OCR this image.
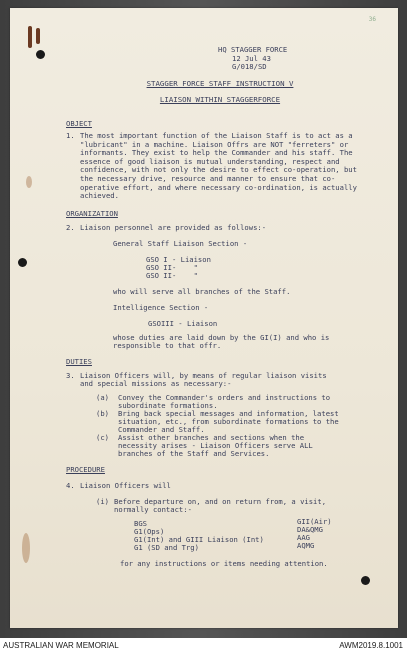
36
HQ STAGGER FORCE
12 Jul 43
G/018/SD
STAGGER FORCE STAFF INSTRUCTION V
LIAISON WITHIN STAGGERFORCE
OBJECT
1. The most important function of the Liaison Staff is to act as a "lubricant" in a machine. Liaison Offrs are NOT "ferreters" or informants. They exist to help the Commander and his staff. The essence of good liaison is mutual understanding, respect and confidence, with not only the desire to effect co-operation, but the necessary drive, resource and manner to ensure that co-operative effort, and where necessary co-ordination, is actually achieved.
ORGANIZATION
2. Liaison personnel are provided as follows:-
General Staff Liaison Section -
GSO I - Liaison
GSO II-    "
GSO II-    "
who will serve all branches of the Staff.
Intelligence Section -
GSOIII - Liaison
whose duties are laid down by the GI(I) and who is
responsible to that offr.
DUTIES
3. Liaison Officers will, by means of regular liaison visits
and special missions as necessary:-
(a) Convey the Commander's orders and instructions to
subordinate formations.
(b) Bring back special messages and information, latest
situation, etc., from subordinate formations to the
Commander and Staff.
(c) Assist other branches and sections when the
necessity arises - Liaison Officers serve ALL
branches of the Staff and Services.
PROCEDURE
4. Liaison Officers will
(i) Before departure on, and on return from, a visit,
normally contact:-
BGS
G1(Ops)
G1(Int) and GIII Liaison (Int)
G1 (SD and Trg)
GII(Air)
DA&QMG
AAG
AQMG
for any instructions or items needing attention.
AUSTRALIAN WAR MEMORIAL	AWM2019.8.1001
